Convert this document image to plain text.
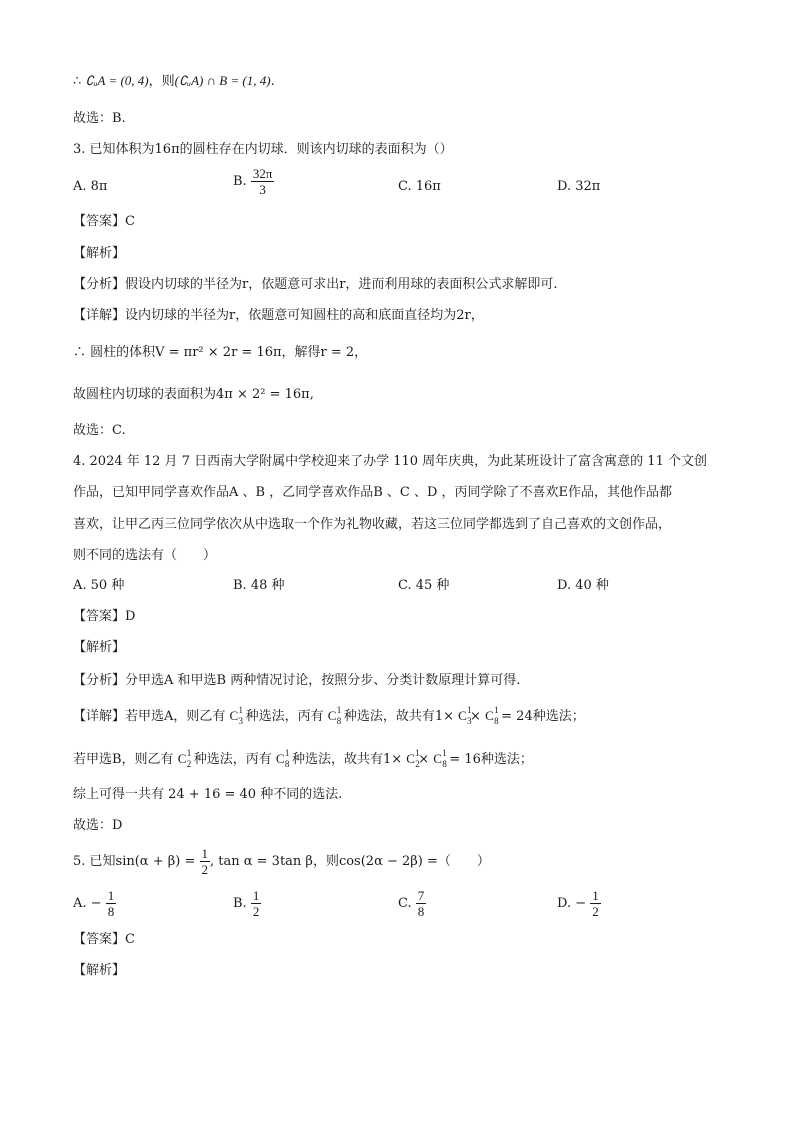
∴ ∁ᵤA = (0, 4)，则(∁ᵤA) ∩ B = (1, 4).
故选：B.
3. 已知体积为16π的圆柱存在内切球．则该内切球的表面积为（）
A. 8π	B. $\frac{32\pi}{3}$	C. 16π	D. 32π
【答案】C
【解析】
【分析】假设内切球的半径为r，依题意可求出r，进而利用球的表面积公式求解即可.
【详解】设内切球的半径为r，依题意可知圆柱的高和底面直径均为2r，
∴ 圆柱的体积V = πr² × 2r = 16π，解得r = 2，
故圆柱内切球的表面积为4π × 2² = 16π,
故选：C.
4. 2024 年 12 月 7 日西南大学附属中学校迎来了办学 110 周年庆典，为此某班设计了富含寓意的 11 个文创
作品，已知甲同学喜欢作品A 、B ，乙同学喜欢作品B 、C 、D ，丙同学除了不喜欢E作品，其他作品都
喜欢，让甲乙丙三位同学依次从中选取一个作为礼物收藏，若这三位同学都选到了自己喜欢的文创作品，
则不同的选法有（　　）
A. 50 种	B. 48 种	C. 45 种	D. 40 种
【答案】D
【解析】
【分析】分甲选A 和甲选B 两种情况讨论，按照分步、分类计数原理计算可得.
【详解】若甲选A，则乙有 C 1
3 种选法，丙有 C 1
8 种选法，故共有1× C 1
3
× C 1
8 = 24种选法；
若甲选B，则乙有 C 1
2 种选法，丙有 C 1
8 种选法，故共有1× C 1
2
× C 1
8 = 16种选法；
综上可得一共有 24 + 16 = 40 种不同的选法.
故选：D
5. 已知$\sin(\alpha + \beta) = \frac{1}{2}$ , tan α = 3tan β，则cos(2α − 2β) =（　　）
A. − $\frac{1}{8}$	B. $\frac{1}{2}$	C. $\frac{7}{8}$	D. − $\frac{1}{2}$
【答案】C
【解析】
